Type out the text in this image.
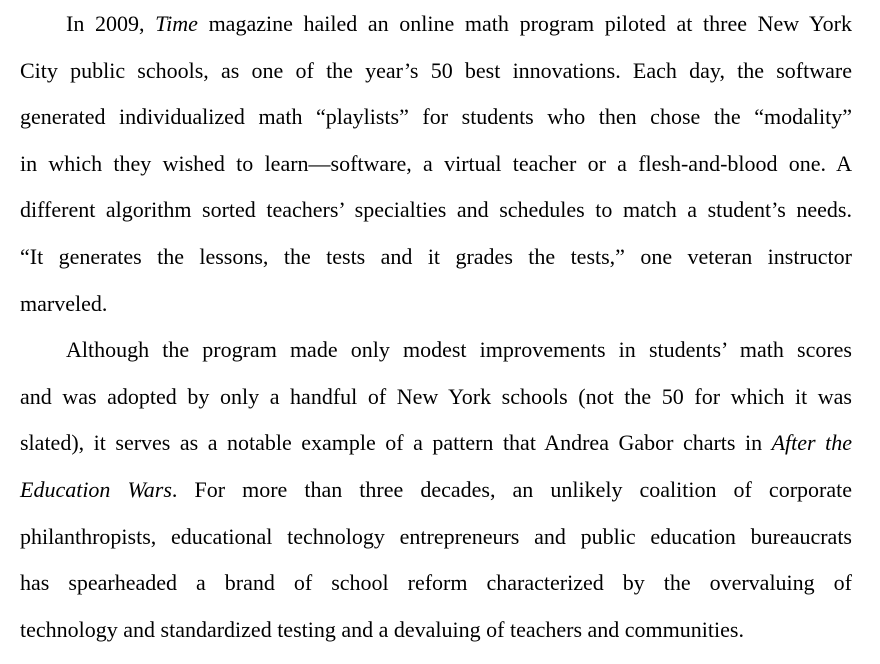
In 2009, Time magazine hailed an online math program piloted at three New York
City public schools, as one of the year’s 50 best innovations. Each day, the software
generated individualized math “playlists” for students who then chose the “modality”
in which they wished to learn—software, a virtual teacher or a flesh-and-blood one. A
different algorithm sorted teachers’ specialties and schedules to match a student’s needs.
“It generates the lessons, the tests and it grades the tests,” one veteran instructor
marveled.
Although the program made only modest improvements in students’ math scores
and was adopted by only a handful of New York schools (not the 50 for which it was
slated), it serves as a notable example of a pattern that Andrea Gabor charts in After the
Education Wars. For more than three decades, an unlikely coalition of corporate
philanthropists, educational technology entrepreneurs and public education bureaucrats
has spearheaded a brand of school reform characterized by the overvaluing of
technology and standardized testing and a devaluing of teachers and communities.
